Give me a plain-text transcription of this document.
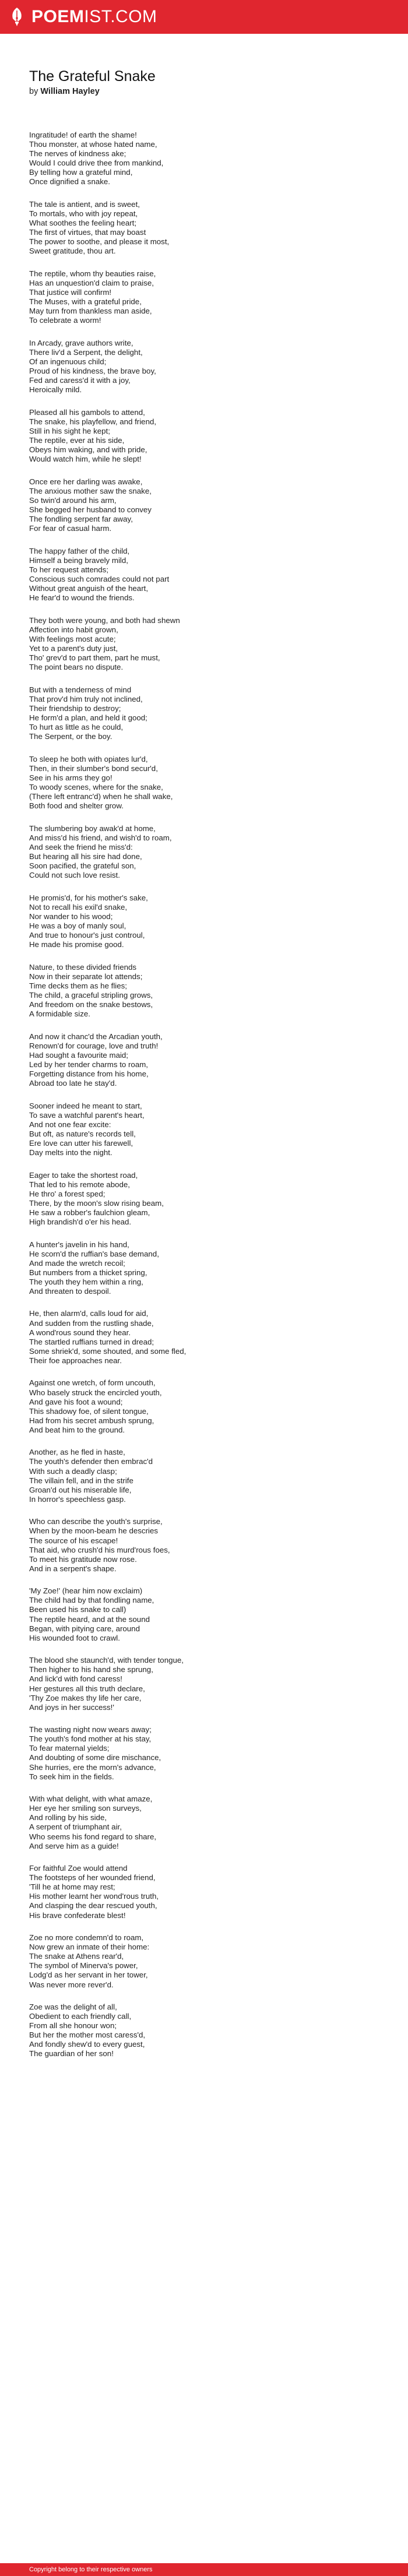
POEMIST.COM
The Grateful Snake
by William Hayley
Ingratitude! of earth the shame!
Thou monster, at whose hated name,
The nerves of kindness ake;
Would I could drive thee from mankind,
By telling how a grateful mind,
Once dignified a snake.
The tale is antient, and is sweet,
To mortals, who with joy repeat,
What soothes the feeling heart;
The first of virtues, that may boast
The power to soothe, and please it most,
Sweet gratitude, thou art.
The reptile, whom thy beauties raise,
Has an unquestion'd claim to praise,
That justice will confirm!
The Muses, with a grateful pride,
May turn from thankless man aside,
To celebrate a worm!
In Arcady, grave authors write,
There liv'd a Serpent, the delight,
Of an ingenuous child;
Proud of his kindness, the brave boy,
Fed and caress'd it with a joy,
Heroically mild.
Pleased all his gambols to attend,
The snake, his playfellow, and friend,
Still in his sight he kept;
The reptile, ever at his side,
Obeys him waking, and with pride,
Would watch him, while he slept!
Once ere her darling was awake,
The anxious mother saw the snake,
So twin'd around his arm,
She begged her husband to convey
The fondling serpent far away,
For fear of casual harm.
The happy father of the child,
Himself a being bravely mild,
To her request attends;
Conscious such comrades could not part
Without great anguish of the heart,
He fear'd to wound the friends.
They both were young, and both had shewn
Affection into habit grown,
With feelings most acute;
Yet to a parent's duty just,
Tho' grev'd to part them, part he must,
The point bears no dispute.
But with a tenderness of mind
That prov'd him truly not inclined,
Their friendship to destroy;
He form'd a plan, and held it good;
To hurt as little as he could,
The Serpent, or the boy.
To sleep he both with opiates lur'd,
Then, in their slumber's bond secur'd,
See in his arms they go!
To woody scenes, where for the snake,
(There left entranc'd) when he shall wake,
Both food and shelter grow.
The slumbering boy awak'd at home,
And miss'd his friend, and wish'd to roam,
And seek the friend he miss'd:
But hearing all his sire had done,
Soon pacified, the grateful son,
Could not such love resist.
He promis'd, for his mother's sake,
Not to recall his exil'd snake,
Nor wander to his wood;
He was a boy of manly soul,
And true to honour's just controul,
He made his promise good.
Nature, to these divided friends
Now in their separate lot attends;
Time decks them as he flies;
The child, a graceful stripling grows,
And freedom on the snake bestows,
A formidable size.
And now it chanc'd the Arcadian youth,
Renown'd for courage, love and truth!
Had sought a favourite maid;
Led by her tender charms to roam,
Forgetting distance from his home,
Abroad too late he stay'd.
Sooner indeed he meant to start,
To save a watchful parent's heart,
And not one fear excite:
But oft, as nature's records tell,
Ere love can utter his farewell,
Day melts into the night.
Eager to take the shortest road,
That led to his remote abode,
He thro' a forest sped;
There, by the moon's slow rising beam,
He saw a robber's faulchion gleam,
High brandish'd o'er his head.
A hunter's javelin in his hand,
He scorn'd the ruffian's base demand,
And made the wretch recoil;
But numbers from a thicket spring,
The youth they hem within a ring,
And threaten to despoil.
He, then alarm'd, calls loud for aid,
And sudden from the rustling shade,
A wond'rous sound they hear.
The startled ruffians turned in dread;
Some shriek'd, some shouted, and some fled,
Their foe approaches near.
Against one wretch, of form uncouth,
Who basely struck the encircled youth,
And gave his foot a wound;
This shadowy foe, of silent tongue,
Had from his secret ambush sprung,
And beat him to the ground.
Another, as he fled in haste,
The youth's defender then embrac'd
With such a deadly clasp;
The villain fell, and in the strife
Groan'd out his miserable life,
In horror's speechless gasp.
Who can describe the youth's surprise,
When by the moon-beam he descries
The source of his escape!
That aid, who crush'd his murd'rous foes,
To meet his gratitude now rose.
And in a serpent's shape.
'My Zoe!' (hear him now exclaim)
The child had by that fondling name,
Been used his snake to call)
The reptile heard, and at the sound
Began, with pitying care, around
His wounded foot to crawl.
The blood she staunch'd, with tender tongue,
Then higher to his hand she sprung,
And lick'd with fond caress!
Her gestures all this truth declare,
'Thy Zoe makes thy life her care,
And joys in her success!'
The wasting night now wears away;
The youth's fond mother at his stay,
To fear maternal yields;
And doubting of some dire mischance,
She hurries, ere the morn's advance,
To seek him in the fields.
With what delight, with what amaze,
Her eye her smiling son surveys,
And rolling by his side,
A serpent of triumphant air,
Who seems his fond regard to share,
And serve him as a guide!
For faithful Zoe would attend
The footsteps of her wounded friend,
'Till he at home may rest;
His mother learnt her wond'rous truth,
And clasping the dear rescued youth,
His brave confederate blest!
Zoe no more condemn'd to roam,
Now grew an inmate of their home:
The snake at Athens rear'd,
The symbol of Minerva's power,
Lodg'd as her servant in her tower,
Was never more rever'd.
Zoe was the delight of all,
Obedient to each friendly call,
From all she honour won;
But her the mother most caress'd,
And fondly shew'd to every guest,
The guardian of her son!
Copyright belong to their respective owners
